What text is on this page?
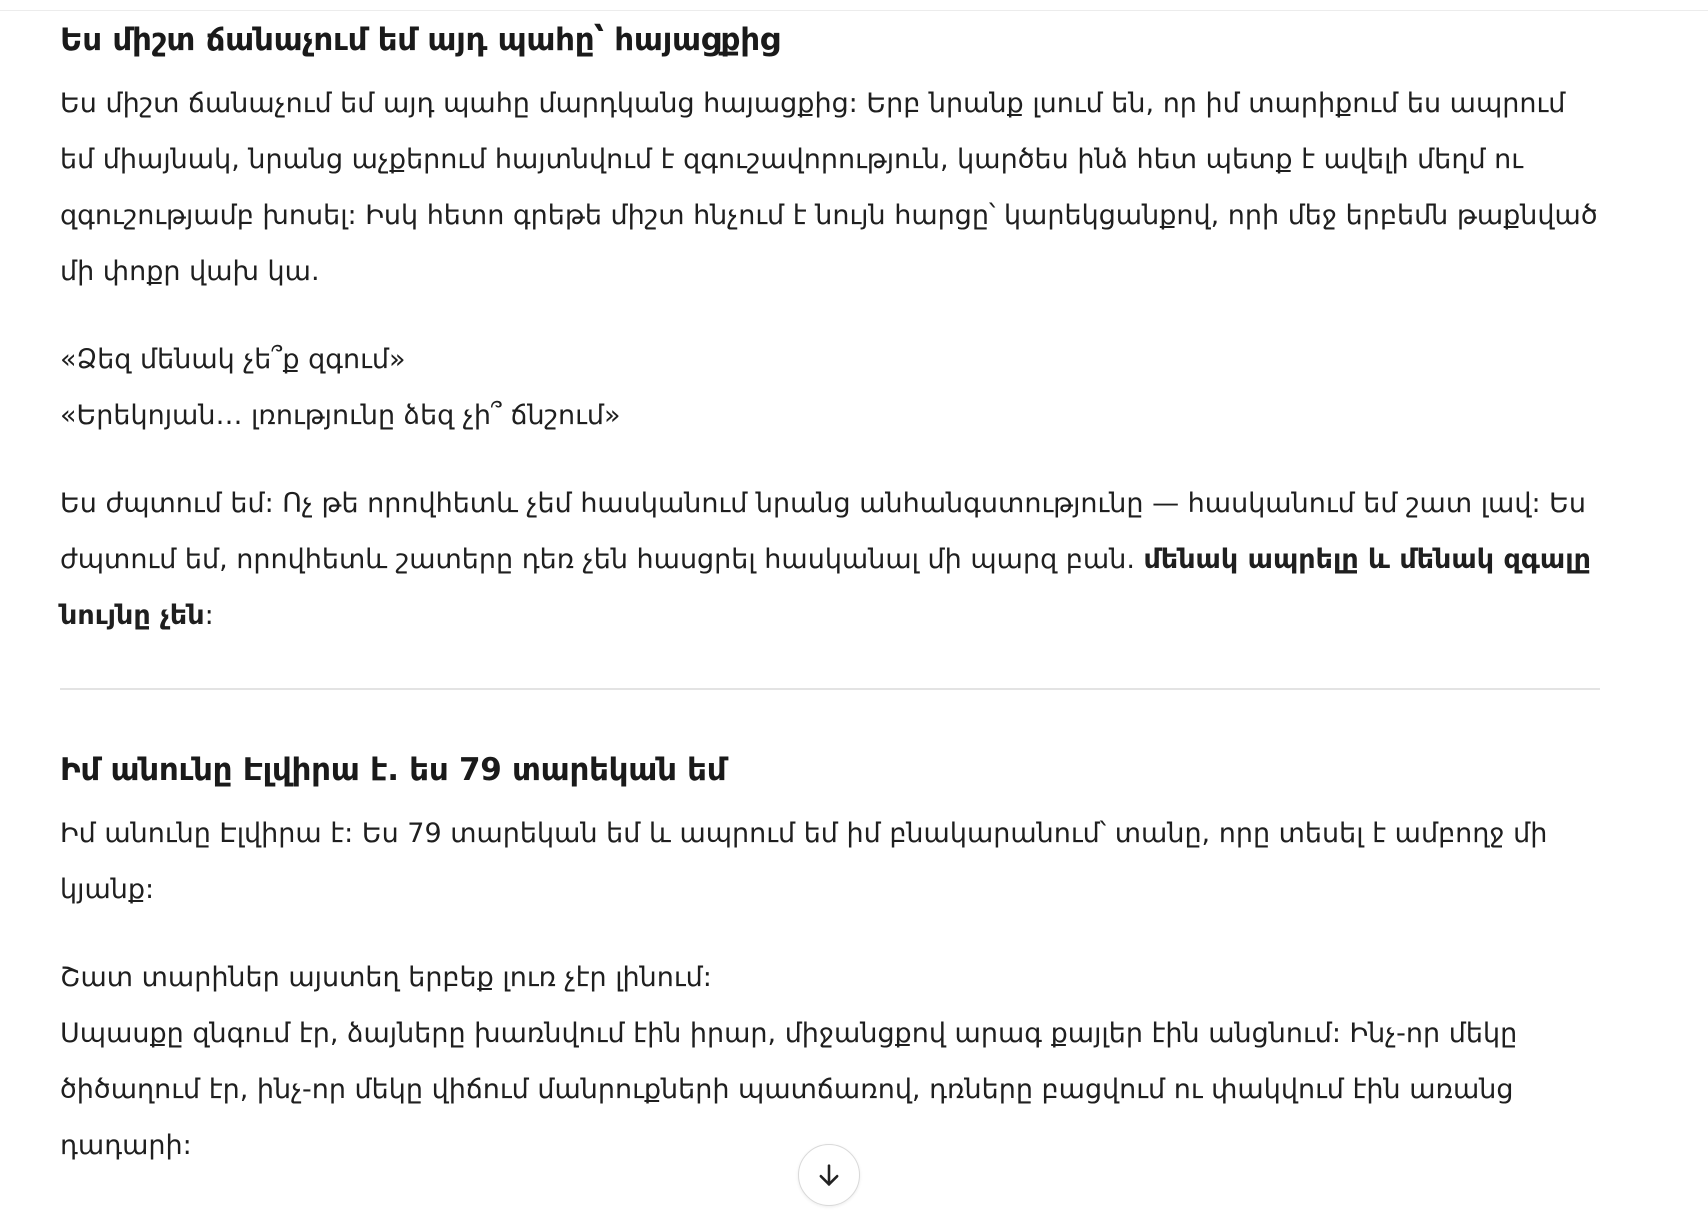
Ես միշտ ճանաչում եմ այդ պահը՝ հայացքից

Ես միշտ ճանաչում եմ այդ պահը մարդկանց հայացքից: Երբ նրանք լսում են, որ իմ տարիքում ես ապրում եմ միայնակ, նրանց աչքերում հայտնվում է զգուշավորություն, կարծես ինձ հետ պետք է ավելի մեղմ ու զգուշությամբ խոսել: Իսկ հետո գրեթե միշտ հնչում է նույն հարցը՝ կարեկցանքով, որի մեջ երբեմն թաքնված մի փոքր վախ կա.

«Ձեզ մենակ չե՞ք զգում»

«Երեկոյան… լռությունը ձեզ չի՞ ճնշում»

Ես ժպտում եմ: Ոչ թե որովհետև չեմ հասկանում նրանց անհանգստությունը — հասկանում եմ շատ լավ: Ես ժպտում եմ, որովհետև շատերը դեռ չեն հասցրել հասկանալ մի պարզ բան. մենակ ապրելը և մենակ զգալը նույնը չեն:

Իմ անունը Էլվիրա է. ես 79 տարեկան եմ

Իմ անունը Էլվիրա է: Ես 79 տարեկան եմ և ապրում եմ իմ բնակարանում՝ տանը, որը տեսել է ամբողջ մի կյանք:

Շատ տարիներ այստեղ երբեք լուռ չէր լինում:

Սպասքը զնգում էր, ձայները խառնվում էին իրար, միջանցքով արագ քայլեր էին անցնում: Ինչ-որ մեկը ծիծաղում էր, ինչ-որ մեկը վիճում մանրուքների պատճառով, դռները բացվում ու փակվում էին առանց դադարի:
